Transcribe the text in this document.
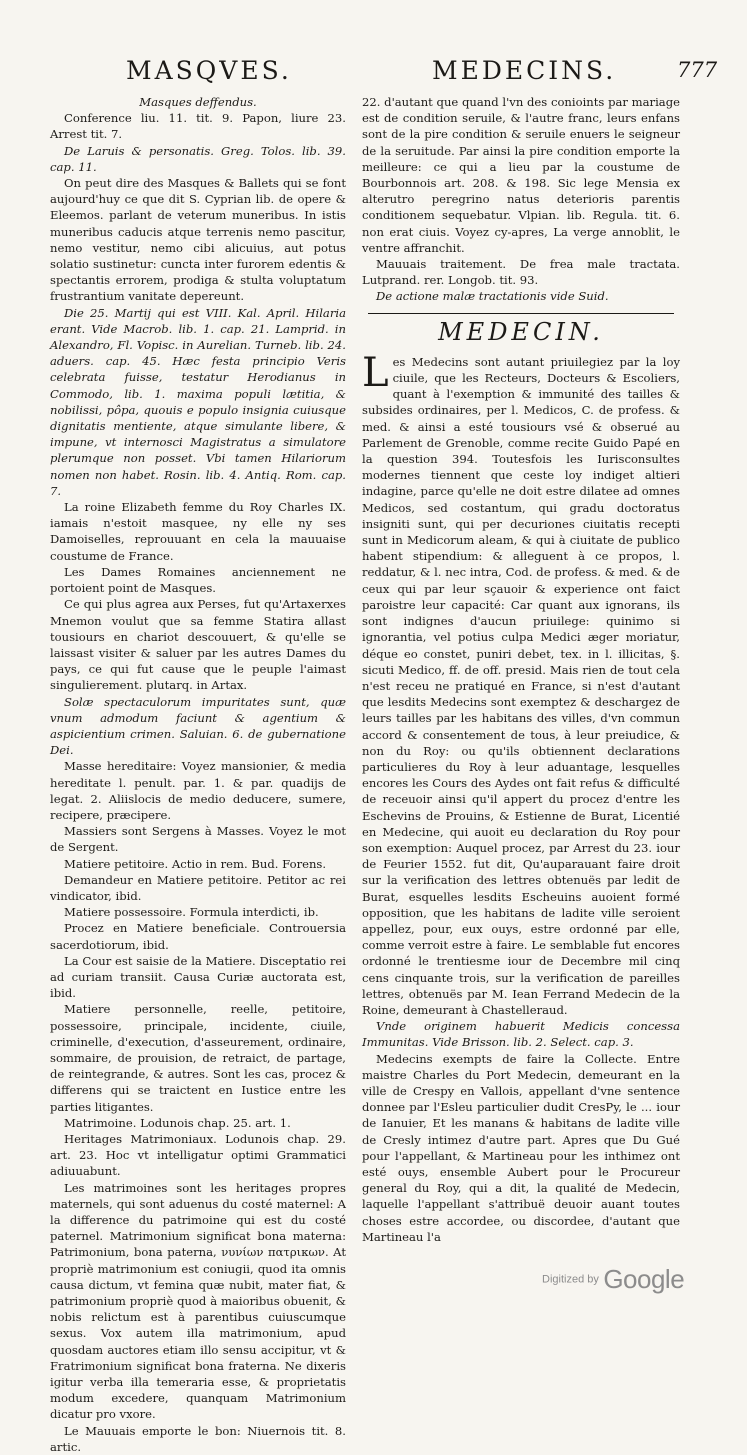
MASQVES.	MEDECINS.	777

Masques deffendus.

Conference liu. 11. tit. 9. Papon, liure 23. Arrest tit. 7.

De Laruis & personatis. Greg. Tolos. lib. 39. cap. 11.

On peut dire des Masques & Ballets qui se font aujourd'huy ce que dit S. Cyprian lib. de opere & Eleemos. parlant de veterum muneribus. In istis muneribus caducis atque terrenis nemo pascitur, nemo vestitur, nemo cibi alicuius, aut potus solatio sustinetur: cuncta inter furorem edentis & spectantis errorem, prodiga & stulta voluptatum frustrantium vanitate depereunt.

Die 25. Martij qui est VIII. Kal. April. Hilaria erant. Vide Macrob. lib. 1. cap. 21. Lamprid. in Alexandro, Fl. Vopisc. in Aurelian. Turneb. lib. 24. aduers. cap. 45. Hæc festa principio Veris celebrata fuisse, testatur Herodianus in Commodo, lib. 1. maxima populi lætitia, & nobilissi, pôpa, quouis e populo insignia cuiusque dignitatis mentiente, atque simulante libere, & impune, vt internosci Magistratus a simulatore plerumque non posset. Vbi tamen Hilariorum nomen non habet. Rosin. lib. 4. Antiq. Rom. cap. 7.

La roine Elizabeth femme du Roy Charles IX. iamais n'estoit masquee, ny elle ny ses Damoiselles, reprouuant en cela la mauuaise coustume de France.

Les Dames Romaines anciennement ne portoient point de Masques.

Ce qui plus agrea aux Perses, fut qu'Artaxerxes Mnemon voulut que sa femme Statira allast tousiours en chariot descouuert, & qu'elle se laissast visiter & saluer par les autres Dames du pays, ce qui fut cause que le peuple l'aimast singulierement. plutarq. in Artax.

Solæ spectaculorum impuritates sunt, quæ vnum admodum faciunt & agentium & aspicientium crimen. Saluian. 6. de gubernatione Dei.

Masse hereditaire: Voyez mansionier, & media hereditate l. penult. par. 1. & par. quadijs de legat. 2. Aliislocis de medio deducere, sumere, recipere, præcipere.

Massiers sont Sergens à Masses. Voyez le mot de Sergent.

Matiere petitoire. Actio in rem. Bud. Forens.

Demandeur en Matiere petitoire. Petitor ac rei vindicator, ibid.

Matiere possessoire. Formula interdicti, ib.

Procez en Matiere beneficiale. Controuersia sacerdotiorum, ibid.

La Cour est saisie de la Matiere. Disceptatio rei ad curiam transiit. Causa Curiæ auctorata est, ibid.

Matiere personnelle, reelle, petitoire, possessoire, principale, incidente, ciuile, criminelle, d'execution, d'asseurement, ordinaire, sommaire, de prouision, de retraict, de partage, de reintegrande, & autres. Sont les cas, procez & differens qui se traictent en Iustice entre les parties litigantes.

Matrimoine. Lodunois chap. 25. art. 1.

Heritages Matrimoniaux. Lodunois chap. 29. art. 23. Hoc vt intelligatur optimi Grammatici adiuuabunt.

Les matrimoines sont les heritages propres maternels, qui sont aduenus du costé maternel: A la difference du patrimoine qui est du costé paternel. Matrimonium significat bona materna: Patrimonium, bona paterna, νυνίων πατρικων. At propriè matrimonium est coniugii, quod ita omnis causa dictum, vt femina quæ nubit, mater fiat, & patrimonium propriè quod à maioribus obuenit, & nobis relictum est à parentibus cuiuscumque sexus. Vox autem illa matrimonium, apud quosdam auctores etiam illo sensu accipitur, vt & Fratrimonium significat bona fraterna. Ne dixeris igitur verba illa temeraria esse, & proprietatis modum excedere, quanquam Matrimonium dicatur pro vxore.

Le Mauuais emporte le bon: Niuernois tit. 8. artic.

22. d'autant que quand l'vn des conioints par mariage est de condition seruile, & l'autre franc, leurs enfans sont de la pire condition & seruile enuers le seigneur de la seruitude. Par ainsi la pire condition emporte la meilleure: ce qui a lieu par la coustume de Bourbonnois art. 208. & 198. Sic lege Mensia ex alterutro peregrino natus deterioris parentis conditionem sequebatur. Vlpian. lib. Regula. tit. 6. non erat ciuis. Voyez cy-apres, La verge annoblit, le ventre affranchit.

Mauuais traitement. De frea male tractata. Lutprand. rer. Longob. tit. 93.

De actione malæ tractationis vide Suid.

MEDECIN.

Les Medecins sont autant priuilegiez par la loy ciuile, que les Recteurs, Docteurs & Escoliers, quant à l'exemption & immunité des tailles & subsides ordinaires, per l. Medicos, C. de profess. & med. & ainsi a esté tousiours vsé & obserué au Parlement de Grenoble, comme recite Guido Papé en la question 394. Toutesfois les Iurisconsultes modernes tiennent que ceste loy indiget altieri indagine, parce qu'elle ne doit estre dilatee ad omnes Medicos, sed costantum, qui gradu doctoratus insigniti sunt, qui per decuriones ciuitatis recepti sunt in Medicorum aleam, & qui à ciuitate de publico habent stipendium: & alleguent à ce propos, l. reddatur, & l. nec intra, Cod. de profess. & med. & de ceux qui par leur sçauoir & experience ont faict paroistre leur capacité: Car quant aux ignorans, ils sont indignes d'aucun priuilege: quinimo si ignorantia, vel potius culpa Medici æger moriatur, déque eo constet, puniri debet, tex. in l. illicitas, §. sicuti Medico, ff. de off. presid. Mais rien de tout cela n'est receu ne pratiqué en France, si n'est d'autant que lesdits Medecins sont exemptez & deschargez de leurs tailles par les habitans des villes, d'vn commun accord & consentement de tous, à leur preiudice, & non du Roy: ou qu'ils obtiennent declarations particulieres du Roy à leur aduantage, lesquelles encores les Cours des Aydes ont fait refus & difficulté de receuoir ainsi qu'il appert du procez d'entre les Eschevins de Prouins, & Estienne de Burat, Licentié en Medecine, qui auoit eu declaration du Roy pour son exemption: Auquel procez, par Arrest du 23. iour de Feurier 1552. fut dit, Qu'auparauant faire droit sur la verification des lettres obtenuës par ledit de Burat, esquelles lesdits Escheuins auoient formé opposition, que les habitans de ladite ville seroient appellez, pour, eux ouys, estre ordonné par elle, comme verroit estre à faire. Le semblable fut encores ordonné le trentiesme iour de Decembre mil cinq cens cinquante trois, sur la verification de pareilles lettres, obtenuës par M. Iean Ferrand Medecin de la Roine, demeurant à Chastelleraud.

Vnde originem habuerit Medicis concessa Immunitas. Vide Brisson. lib. 2. Select. cap. 3.

Medecins exempts de faire la Collecte. Entre maistre Charles du Port Medecin, demeurant en la ville de Crespy en Vallois, appellant d'vne sentence donnee par l'Esleu particulier dudit CresPy, le ... iour de Ianuier, Et les manans & habitans de ladite ville de Cresly intimez d'autre part. Apres que Du Gué pour l'appellant, & Martineau pour les inthimez ont esté ouys, ensemble Aubert pour le Procureur general du Roy, qui a dit, la qualité de Medecin, laquelle l'appellant s'attribuë deuoir auant toutes choses estre accordee, ou discordee, d'autant que Martineau l'a

Digitized by Google
